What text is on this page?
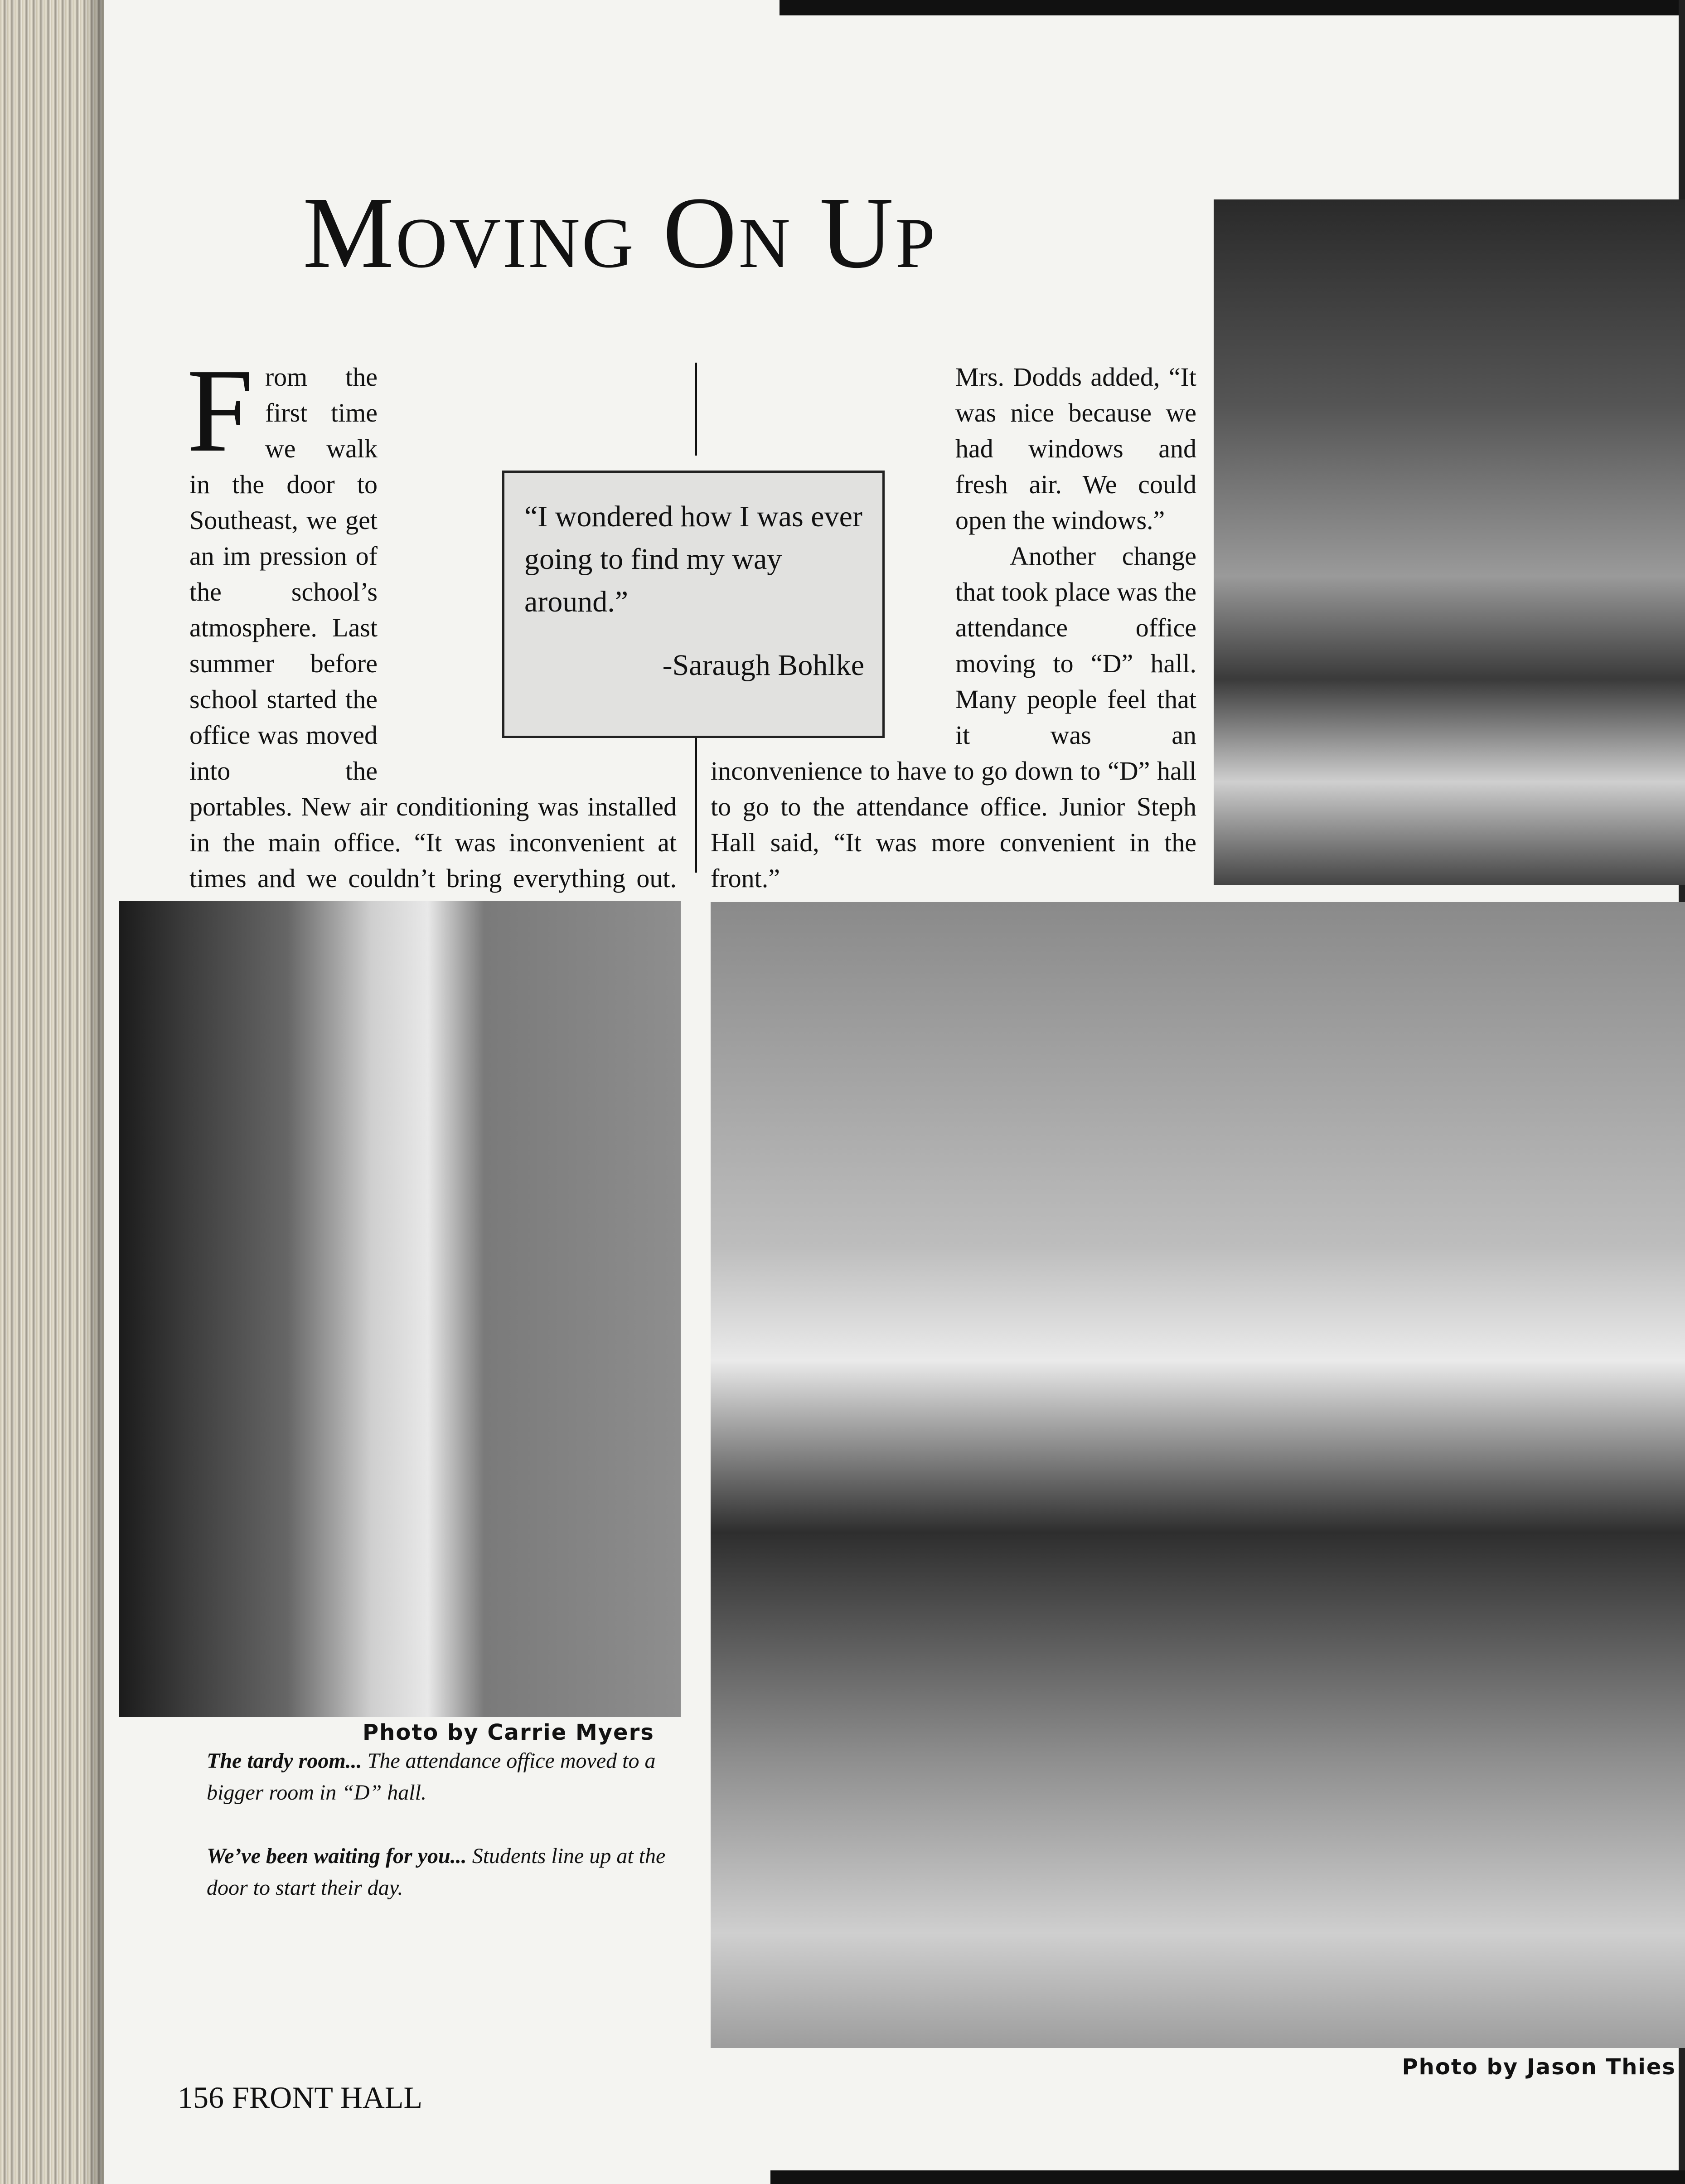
Moving On Up
F rom the first time we walk in the door to Southeast, we get an im pression of the school’s atmosphere. Last summer before school started the office was moved into the portables. New air conditioning was installed in the main office. “It was inconvenient at times and we couldn’t bring everything out.

Mrs. Dodds added, “It was nice because we had windows and fresh air. We could open the windows.”

Another change that took place was the attendance office moving to “D” hall. Many people feel that it was an inconvenience to have to go down to “D” hall to go to the attendance office. Junior Steph Hall said, “It was more convenient in the front.”

“I wondered how I was ever going to find my way around.”

-Saraugh Bohlke

Photo by Carrie Myers
Photo by Jason Thies

The tardy room... The attendance office moved to a bigger room in “D” hall.

We’ve been waiting for you... Students line up at the door to start their day.

156 FRONT HALL
